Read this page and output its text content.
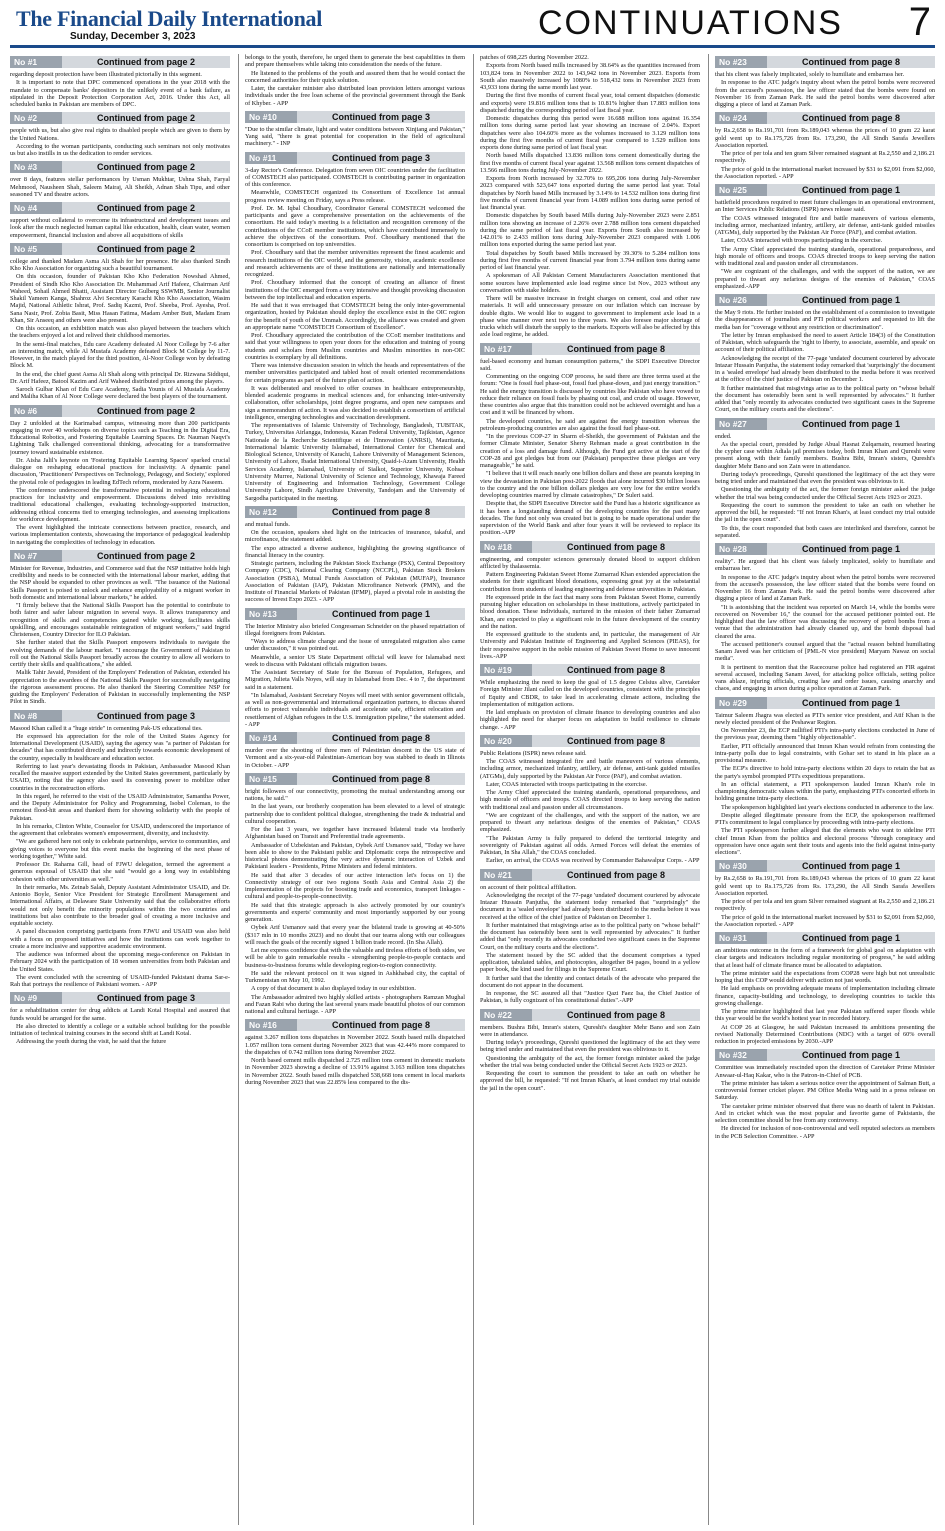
The Financial Daily International
Sunday, December 3, 2023	CONTINUATIONS 7
No #1	Continued from page 2

regarding deposit protection have been illustrated pictorially in this segment.

It is important to note that DPC commenced operations in the year 2018 with the mandate to compensate banks' depositors in the unlikely event of a bank failure, as stipulated in the Deposit Protection Corporation Act, 2016. Under this Act, all scheduled banks in Pakistan are members of DPC.

No #2	Continued from page 2

people with us, but also give real rights to disabled people which are given to them by the United Nations.

According to the woman participants, conducting such seminars not only motivates us but also instills in us the dedication to render services.

No #3	Continued from page 2

over 8 days, features stellar performances by Usman Mukhtar, Ushna Shah, Faryal Mehmood, Nausheen Shah, Saleem Mairaj, Ali Sheikh, Adnan Shah Tipu, and other seasoned TV and theatre actors.

No #4	Continued from page 2

support without collateral to overcome its infrastructural and development issues and look after the much neglected human capital like education, health, clean water, women empowerment, financial inclusion and above all acquisitions of skills

No #5	Continued from page 2

college and thanked Madam Asma Ali Shah for her presence. He also thanked Sindh Kho Kho Association for organizing such a beautiful tournament.

On this occasion, founder of Pakistan Kho Kho Federation Nowshad Ahmed, President of Sindh Kho Kho Association Dr. Muhammad Arif Hafeez, Chairman Arif Waheed, Sohail Ahmed Bhatti, Assistant Director Gulberg SSWMB, Senior Journalist Shakil Yameen Kanga, Shahroz Alvi Secretary Karachi Kho Kho Association, Wasim Majid, National Athletic Ishrat, Prof. Sadiq Kazmi, Prof. Sheeba, Prof. Ayesha, Prof. Sana Nasir, Prof. Zobia Basit, Miss Hasan Fatima, Madam Amber Butt, Madam Eram Khan, Sir Anseeq and others were also present.

On this occasion, an exhibition match was also played between the teachers which the teachers enjoyed a lot and relived their childhood memories.

In the semi-final matches, Edu care Academy defeated Al Noor College by 7-6 after an interesting match, while Al Mustafa Academy defeated Block M College by 11-7. However, in the match played for the third position, Al-Noor College won by defeating Block M.

In the end, the chief guest Asma Ali Shah along with principal Dr. Rizwana Siddiqui, Dr. Arif Hafeez, Batool Kazim and Arif Waheed distributed prizes among the players.

Saroch Gulbar Khan of Edu Care Academy, Sadia Younis of Al Mustafa Academy and Maliha Khan of Al Noor College were declared the best players of the tournament.

No #6	Continued from page 2

Day 2 unfolded at the Karimabad campus, witnessing more than 200 participants engaging in over 40 workshops on diverse topics such as Teaching in the Digital Era, Educational Robotics, and Fostering Equitable Learning Spaces. Dr. Nauman Naqvi's Lightning Talk challenged conventional thinking, advocating for a transformative journey toward sustainable existence.

Dr. Aisha Jalil's keynote on 'Fostering Equitable Learning Spaces' sparked crucial dialogue on reshaping educational practices for inclusivity. A dynamic panel discussion, 'Practitioners' Perspectives on Technology, Pedagogy, and Society,' explored the pivotal role of pedagogies in leading EdTech reform, moderated by Azra Naseem.

The conference underscored the transformative potential in reshaping educational practices for inclusivity and empowerment. Discussions delved into revisiting traditional educational challenges, evaluating technology-supported instruction, addressing ethical concerns tied to emerging technologies, and assessing implications for workforce development.

The event highlighted the intricate connections between practice, research, and various implementation contexts, showcasing the importance of pedagogical leadership in navigating the complexities of technology in education.

No #7	Continued from page 2

Minister for Revenue, Industries, and Commerce said that the NSP initiative holds high credibility and needs to be connected with the international labour market, adding that the NSP should be expanded to other provinces as well. "The issuance of the National Skills Passport is poised to unlock and enhance employability of a migrant worker in both domestic and international labour markets," he added.

"I firmly believe that the National Skills Passport has the potential to contribute to both fairer and safer labour migration in several ways. It allows transparency and recognition of skills and competencies gained while working, facilitates skills upskilling, and encourages sustainable reintegration of migrant workers," said Ingrid Christensen, Country Director for ILO Pakistan.

She further stated that the Skills Passport empowers individuals to navigate the evolving demands of the labour market. "I encourage the Government of Pakistan to roll out the National Skills Passport broadly across the country to allow all workers to certify their skills and qualifications," she added.

Malik Tahir Javaid, President of the Employers' Federation of Pakistan, extended his appreciation to the awardees of the National Skills Passport for successfully navigating the rigorous assessment process. He also thanked the Steering Committee NSP for guiding the Employers' Federation of Pakistan in successfully implementing the NSP Pilot in Sindh.

No #8	Continued from page 3

Masood Khan called it a "huge stride" in cementing Pak-US educational ties.

He expressed his appreciation for the role of the United States Agency for International Development (USAID), saying the agency was "a partner of Pakistan for decades" that has contributed directly and indirectly towards economic development of the country, especially in healthcare and education sector.

Referring to last year's devastating floods in Pakistan, Ambassador Masood Khan recalled the massive support extended by the United States government, particularly by USAID, noting that the agency also used its convening power to mobilize other countries in the reconstruction efforts.

In this regard, he referred to the visit of the USAID Administrator, Samantha Power, and the Deputy Administrator for Policy and Programming, Isobel Coleman, to the remotest flood-hit areas and thanked them for showing solidarity with the people of Pakistan.

In his remarks, Clinton White, Counselor for USAID, underscored the importance of the agreement that celebrates women's empowerment, diversity, and inclusivity.

"We are gathered here not only to celebrate partnerships, service to communities, and giving voices to everyone but this event marks the beginning of the next phase of working together," White said.

Professor Dr. Rahama Gill, head of FJWU delegation, termed the agreement a generous espousal of USAID that she said "would go a long way in establishing cohesion with other universities as well."

In their remarks, Ms. Zeinab Salah, Deputy Assistant Administrator USAID, and Dr. Antonio Boyle, Senior Vice President for Strategic Enrollment Management and International Affairs, at Delaware State University said that the collaborative efforts would not only benefit the minority populations within the two countries and institutions but also contribute to the broader goal of creating a more inclusive and equitable society.

A panel discussion comprising participants from FJWU and USAID was also held with a focus on proposed initiatives and how the institutions can work together to create a more inclusive and supportive academic environment.

The audience was informed about the upcoming mega-conference on Pakistan in February 2024 with the participation of 18 women universities from both Pakistan and the United States.

The event concluded with the screening of USAID-funded Pakistani drama Sar-e-Rah that portrays the resilience of Pakistani women. - APP

No #9	Continued from page 3

for a rehabilitation center for drug addicts at Landi Kotal Hospital and assured that funds would be arranged for the same.

He also directed to identify a college or a suitable school building for the possible initiation of technical training courses in the second shift at Landi Kotal.

Addressing the youth during the visit, he said that the future

belongs to the youth, therefore, he urged them to generate the best capabilities in them and prepare themselves while taking into consideration the needs of the future.

He listened to the problems of the youth and assured them that he would contact the concerned authorities for their quick solution.

Later, the caretaker minister also distributed loan provision letters amongst various individuals under the free loan scheme of the provincial government through the Bank of Khyber. - APP

No #10	Continued from page 3

"Due to the similar climate, light and water conditions between Xinjiang and Pakistan," Yang said, "there is great potential for cooperation in the field of agricultural machinery." - INP

No #11	Continued from page 3

3-day Rector's Conference. Delegation from seven OIC countries under the facilitation of COMSTECH also participated. COMSTECH is contributing partner in organization of this conference.

Meanwhile, COMSTECH organized its Consortium of Excellence 1st annual progress review meeting on Friday, says a Press release.

Prof. Dr. M. Iqbal Choudhary, Coordinator General COMSTECH welcomed the participants and gave a comprehensive presentation on the achievements of the consortium. He said today's meeting is a felicitation and recognition ceremony of the contributions of the CCoE member institutions, which have contributed immensely to achieve the objectives of the consortium. Prof. Choudhary mentioned that the consortium is comprised on top universities.

Prof. Choudhary said that the member universities represent the finest academic and research institutions of the OIC world, and the generosity, vision, academic excellence and research achievements are of these institutions are nationally and internationally recognized.

Prof. Choudhary informed that the concept of creating an alliance of finest institutions of the OIC emerged from a very intensive and thought provoking discussion between the top intellectual and education experts.

He said that it was envisaged that COMSTECH being the only inter-governmental organization, hosted by Pakistan should deploy the excellence exist in the OIC region for the benefit of youth of the Ummah. Accordingly, the alliance was created and given an appropriate name "COMSTECH Consortium of Excellence".

Prof. Choudhary appreciated the contribution of the CCoE member institutions and said that your willingness to open your doors for the education and training of young students and scholars from Muslim countries and Muslim minorities in non-OIC countries is exemplary by all definitions.

There was intensive discussion session in which the heads and representatives of the member universities participated and tabled host of result oriented recommendations for certain programs as part of the future plan of action.

It was deliberated and resolved to offer courses in healthcare entrepreneurship, blended academic programs in medical sciences and, for enhancing inter-university collaboration, offer scholarships, joint degree programs, and open new campuses and sign a memorandum of action. It was also decided to establish a consortium of artificial intelligence, emerging technologies and vaccination development.

The representatives of Islamic University of Technology, Bangladesh, TUBITAK, Turkey, Universitas Airlangga, Indonesia, Kazan Federal University, Tajikistan, Agence Nationale de la Recherche Scientifique et de l'Innovation (ANRSI), Mauritania, International Islamic University Islamabad, International Center for Chemical and Biological Science, University of Karachi, Lahore University of Management Sciences, University of Lahore, Ibadat International University, Quaid-i-Azam University, Health Services Academy, Islamabad, University of Sialkot, Superior University, Kohsar University Murree, National University of Science and Technology, Khawaja Fareed University of Engineering and Information Technology, Government College University Lahore, Sindh Agriculture University, Tandojam and the University of Sargodha participated in the meeting.

No #12	Continued from page 8

and mutual funds.

On the occasion, speakers shed light on the intricacies of insurance, takaful, and microfinance, the statement added.

The expo attracted a diverse audience, highlighting the growing significance of financial literacy in the country.

Strategic partners, including the Pakistan Stock Exchange (PSX), Central Depository Company (CDC), National Clearing Company (NCCPL), Pakistan Stock Brokers Association (PSBA), Mutual Funds Association of Pakistan (MUFAP), Insurance Association of Pakistan (IAP), Pakistan Microfinance Network (PMN), and the Institute of Financial Markets of Pakistan (IFMP), played a pivotal role in assisting the success of Invest Expo 2023. - APP

No #13	Continued from page 1

The Interior Ministry also briefed Congressman Schneider on the phased repatriation of illegal foreigners from Pakistan.

"Ways to address climate change and the issue of unregulated migration also came under discussion," it was pointed out.

Meanwhile, a senior US State Department official will leave for Islamabad next week to discuss with Pakistani officials migration issues.

The Assistant Secretary of State for the Bureau of Population, Refugees, and Migration, Julieta Valls Noyes, will stay in Islamabad from Dec. 4 to 7, the department said in a statement.

"In Islamabad, Assistant Secretary Noyes will meet with senior government officials, as well as non-governmental and international organization partners, to discuss shared efforts to protect vulnerable individuals and accelerate safe, efficient relocation and resettlement of Afghan refugees in the U.S. immigration pipeline," the statement added. - APP

No #14	Continued from page 8

murder over the shooting of three men of Palestinian descent in the US state of Vermont and a six-year-old Palestinian-American boy was stabbed to death in Illinois in October. - APP

No #15	Continued from page 8

bright followers of our connectivity, promoting the mutual understanding among our nations, he said."

In the last years, our brotherly cooperation has been elevated to a level of strategic partnership due to confident political dialogue, strengthening the trade & industrial and cultural cooperation.

For the last 3 years, we together have increased bilateral trade via brotherly Afghanistan based on Transit and Preferential trade agreements.

Ambassador of Uzbekistan and Pakistan, Oybek Arif Usmanov said, "Today we have been able to show to the Pakistani public and Diplomatic corps the retrospective and historical photos demonstrating the very active dynamic interaction of Uzbek and Pakistani leaders - Presidents, Prime Ministers and federal ministers.

He said that after 3 decades of our active interaction let's focus on 1) the Connectivity strategy of our two regions South Asia and Central Asia 2) the implementation of the projects for boosting trade and economics, transport linkages - cultural and people-to-people-connectivity.

He said that this strategic approach is also actively promoted by our country's governments and experts' community and most importantly supported by our young generation.

Oybek Arif Usmanov said that every year the bilateral trade is growing at 40-50% ($317 mln in 10 months 2023) and no doubt that our teams along with our colleagues will reach the goals of the recently signed 1 billion trade record. (In Sha Allah).

Let me express confidence that with the valuable and tireless efforts of both sides, we will be able to gain remarkable results - strengthening people-to-people contacts and business-to-business forums while developing region-to-region connectivity.

He said the relevant protocol on it was signed in Ashkhabad city, the capital of Turkmenistan on May 10, 1992.

A copy of that document is also displayed today in our exhibition.

The Ambassador admired two highly skilled artists - photographers Ramzan Mughal and Fazan Rabi who during the last several years made beautiful photos of our common national and cultural heritage. - APP

No #16	Continued from page 8

against 3.267 million tons dispatches in November 2022. South based mills dispatched 1.057 million tons cement during November 2023 that was 42.44% more compared to the dispatches of 0.742 million tons during November 2022.

North based cement mills dispatched 2.725 million tons cement in domestic markets in November 2023 showing a decline of 13.91% against 3.163 million tons dispatches in November 2022. South based mills dispatched 538,668 tons cement in local markets during November 2023 that was 22.85% less compared to the dis-

patches of 698,225 during November 2022.

Exports from North based mills increased by 38.64% as the quantities increased from 103,824 tons in November 2022 to 143,942 tons in November 2023. Exports from South also massively increased by 1080% to 518,432 tons in November 2023 from 43,933 tons during the same month last year.

During the first five months of current fiscal year, total cement dispatches (domestic and exports) were 19.816 million tons that is 10.81% higher than 17.883 million tons dispatched during the corresponding period of last fiscal year.

Domestic dispatches during this period were 16.688 million tons against 16.354 million tons during same period last year showing an increase of 2.04%. Export dispatches were also 104.60% more as the volumes increased to 3.129 million tons during the first five months of current fiscal year compared to 1.529 million tons exports done during same period of last fiscal year.

North based Mills dispatched 13.836 million tons cement domestically during the first five months of current fiscal year against 13.568 million tons cement dispatches of 13.566 million tons during July-November 2022.

Exports from North increased by 32.70% to 695,206 tons during July-November 2023 compared with 523,647 tons exported during the same period last year. Total dispatches by North based Mills increased by 3.14% to 14.532 million tons during first five months of current financial year from 14.089 million tons during same period of last financial year.

Domestic dispatches by South based Mills during July-November 2023 were 2.851 million tons showing an increase of 2.26% over 2.788 million tons cement dispatched during the same period of last fiscal year. Exports from South also increased by 142.01% to 2.433 million tons during July-November 2023 compared with 1.006 million tons exported during the same period last year.

Total dispatches by South based Mills increased by 39.30% to 5.284 million tons during first five months of current financial year from 3.794 million tons during same period of last financial year.

A spokesman of All Pakistan Cement Manufacturers Association mentioned that some sources have implemented axle load regime since 1st Nov., 2023 without any conversation with stake holders.

There will be massive increase in freight charges on cement, coal and other raw materials. It will add unnecessary pressure on our inflation which can increase by double digits. We would like to suggest to government to implement axle load in a phase wise manner over next two to three years. We also foresee major shortage of trucks which will disturb the supply to the markets. Exports will also be affected by this axle load regime, he added.

No #17	Continued from page 8

fuel-based economy and human consumption patterns," the SDPI Executive Director said.

Commenting on the ongoing COP process, he said there are three terms used at the forum: "One is fossil fuel phase-out, fossil fuel phase-down, and just energy transition." He said the energy transition is discussed by countries like Pakistan who have vowed to reduce their reliance on fossil fuels by phasing out coal, and crude oil usage. However, these countries also argue that this transition could not be achieved overnight and has a cost and it will be financed by whom.

The developed countries, he said are against the energy transition whereas the petroleum-producing countries are also against the fossil fuel phase-out.

"In the previous COP-27 in Sharm el-Sheikh, the government of Pakistan and the former Climate Minister, Senator Sherry Rehman made a great contribution in the creation of a loss and damage fund. Although, the Fund got active at the start of the COP-28 and got pledges but from our (Pakistan) perspective these pledges are very manageable," he said.

"I believe that it will reach nearly one billion dollars and these are peanuts keeping in view the devastation in Pakistan post-2022 floods that alone incurred $30 billion losses to the country and the one billion dollars pledges are very low for the entire world's developing countries marred by climate catastrophes," Dr Suleri said.

Despite that, the SDPI Executive Director said the Fund has a historic significance as it has been a longstanding demand of the developing countries for the past many decades. The fund not only was created but is going to be made operational under the supervision of the World Bank and after four years it will be reviewed to replace its position.-APP

No #18	Continued from page 8

engineering, and computer sciences generously donated blood to support children afflicted by thalassemia.

Pattern Engineering Pakistan Sweet Home Zumarrad Khan extended appreciation the students for their significant blood donations, expressing great joy at the substantial contribution from students of leading engineering and defense universities in Pakistan.

He expressed pride in the fact that many sons from Pakistan Sweet Home, currently pursuing higher education on scholarships in these institutions, actively participated in blood donation. These individuals, nurtured in the mission of their father Zumarrad Khan, are expected to play a significant role in the future development of the country and the nation.

He expressed gratitude to the students and, in particular, the management of Air University and Pakistan Institute of Engineering and Applied Sciences (PIEAS), for their responsive support in the noble mission of Pakistan Sweet Home to save innocent lives.-APP

No #19	Continued from page 8

While emphasizing the need to keep the goal of 1.5 degree Celsius alive, Caretaker Foreign Minister Jilani called on the developed countries, consistent with the principles of Equity and CBDR, to take lead in accelerating climate actions, including the implementation of mitigation actions.

He laid emphasis on provision of climate finance to developing countries and also highlighted the need for sharper focus on adaptation to build resilience to climate change. - APP

No #20	Continued from page 8

Public Relations (ISPR) news release said.

The COAS witnessed integrated fire and battle maneuvers of various elements, including armor, mechanized infantry, artillery, air defense, anti-tank guided missiles (ATGMs), duly supported by the Pakistan Air Force (PAF), and combat aviation.

Later, COAS interacted with troops participating in the exercise.

The Army Chief appreciated the training standards, operational preparedness, and high morale of officers and troops. COAS directed troops to keep serving the nation with traditional zeal and passion under all circumstances.

"We are cognizant of the challenges, and with the support of the nation, we are prepared to thwart any nefarious designs of the enemies of Pakistan," COAS emphasized.

"The Pakistan Army is fully prepared to defend the territorial integrity and sovereignty of Pakistan against all odds. Armed Forces will defeat the enemies of Pakistan, In Sha Allah," the COAS concluded.

Earlier, on arrival, the COAS was received by Commander Bahawalpur Corps. - APP

No #21	Continued from page 8

on account of their political affiliation.

Acknowledging the receipt of the 77-page 'undated' document couriered by advocate Intazar Hussain Panjutha, the statement today remarked that "surprisingly" the document in a 'sealed envelope' had already been distributed to the media before it was received at the office of the chief justice of Pakistan on December 1.

It further maintained that misgivings arise as to the political party on "whose behalf" the document has ostensibly been sent is well represented by advocates." It further added that "only recently its advocates conducted two significant cases in the Supreme Court, on the military courts and the elections".

The statement issued by the SC added that the document comprises a typed application, tabulated tables, and photocopies, altogether 84 pages, bound in a yellow paper book, the kind used for filings in the Supreme Court.

It further said that the identity and contact details of the advocate who prepared the document do not appear in the document.

In response, the SC assured all that "Justice Qazi Faez Isa, the Chief Justice of Pakistan, is fully cognizant of his constitutional duties".-APP

No #22	Continued from page 8

members. Bushra Bibi, Imran's sisters, Qureshi's daughter Mehr Bano and son Zain were in attendance.

During today's proceedings, Qureshi questioned the legitimacy of the act they were being tried under and maintained that even the president was oblivious to it.

Questioning the ambiguity of the act, the former foreign minister asked the judge whether the trial was being conducted under the Official Secret Acts 1923 or 2023.

Requesting the court to summon the president to take an oath on whether he approved the bill, he requested: "If not Imran Khan's, at least conduct my trial outside the jail in the open court".

No #23	Continued from page 8

that his client was falsely implicated, solely to humiliate and embarrass her.

In response to the ATC judge's inquiry about when the petrol bombs were recovered from the accused's possession, the law officer stated that the bombs were found on November 16 from Zaman Park. He said the petrol bombs were discovered after digging a piece of land at Zaman Park.

No #24	Continued from page 8

by Rs.2,658 to Rs.191,701 from Rs.189,043 whereas the prices of 10 gram 22 karat gold went up to Rs.175,726 from Rs. 173,290, the All Sindh Sarafa Jewellers Association reported.

The price of per tola and ten gram Silver remained stagnant at Rs.2,550 and 2,186.21 respectively.

The price of gold in the international market increased by $31 to $2,091 from $2,060, the Association reported. - APP

No #25	Continued from page 1

battlefield procedures required to meet future challenges in an operational environment, an Inter Services Public Relations (ISPR) news release said.

The COAS witnessed integrated fire and battle maneuvers of various elements, including armor, mechanized infantry, artillery, air defense, anti-tank guided missiles (ATGMs), duly supported by the Pakistan Air Force (PAF), and combat aviation.

Later, COAS interacted with troops participating in the exercise.

The Army Chief appreciated the training standards, operational preparedness, and high morale of officers and troops. COAS directed troops to keep serving the nation with traditional zeal and passion under all circumstances.

"We are cognizant of the challenges, and with the support of the nation, we are prepared to thwart any nefarious designs of the enemies of Pakistan," COAS emphasized.-APP

No #26	Continued from page 1

the May 9 riots. He further insisted on the establishment of a commission to investigate the disappearances of journalists and PTI political workers and requested to lift the media ban for "coverage without any restriction or discrimination".

The letter by Imran emphasised the need to assert Article 184(3) of the Constitution of Pakistan, which safeguards the 'right to liberty, to associate, assemble, and speak' on account of their political affiliation.

Acknowledging the receipt of the 77-page 'undated' document couriered by advocate Intazar Hussain Panjutha, the statement today remarked that 'surprisingly' the document in a 'sealed envelope' had already been distributed to the media before it was received at the office of the chief justice of Pakistan on December 1.

It further maintained that misgivings arise as to the political party on "whose behalf the document has ostensibly been sent is well represented by advocates." It further added that "only recently its advocates conducted two significant cases in the Supreme Court, on the military courts and the elections".

No #27	Continued from page 1

ended.

As the special court, presided by Judge Abual Hasnat Zulqarnain, resumed hearing the cypher case within Adiala jail premises today, both Imran Khan and Qureshi were present along with their family members. Bushra Bibi, Imran's sisters, Qureshi's daughter Mehr Bano and son Zain were in attendance.

During today's proceedings, Qureshi questioned the legitimacy of the act they were being tried under and maintained that even the president was oblivious to it.

Questioning the ambiguity of the act, the former foreign minister asked the judge whether the trial was being conducted under the Official Secret Acts 1923 or 2023.

Requesting the court to summon the president to take an oath on whether he approved the bill, he requested: "If not Imran Khan's, at least conduct my trial outside the jail in the open court".

To this, the court responded that both cases are interlinked and therefore, cannot be separated.

No #28	Continued from page 1

reality". He argued that his client was falsely implicated, solely to humiliate and embarrass her.

In response to the ATC judge's inquiry about when the petrol bombs were recovered from the accused's possession, the law officer stated that the bombs were found on November 16 from Zaman Park. He said the petrol bombs were discovered after digging a piece of land at Zaman Park.

"It is astonishing that the incident was reported on March 14, while the bombs were recovered on November 16," the counsel for the accused petitioner pointed out. He highlighted that the law officer was discussing the recovery of petrol bombs from a venue that the administration had already cleaned up, and the bomb disposal had cleared the area.

The accused petitioner's counsel argued that the "actual reason behind humiliating Sanam Javed was her criticism of [PML-N vice president] Maryam Nawaz on social media".

It is pertinent to mention that the Racecourse police had registered an FIR against several accused, including Sanam Javed, for attacking police officials, setting police vans ablaze, injuring officials, creating law and order issues, causing anarchy and chaos, and engaging in arson during a police operation at Zaman Park.

No #29	Continued from page 1

Taimur Saleem Jhagra was elected as PTI's senior vice president, and Atif Khan is the newly elected president of the Peshawar Region.

On November 23, the ECP nullified PTI's intra-party elections conducted in June of the previous year, deeming them "highly objectionable".

Earlier, PTI officially announced that Imran Khan would refrain from contesting the intra-party polls due to legal constraints, with Gohar set to stand in his place as a provisional measure.

The ECP's directive to hold intra-party elections within 20 days to retain the bat as the party's symbol prompted PTI's expeditious preparations.

In an official statement, a PTI spokesperson lauded Imran Khan's role in championing democratic values within the party, emphasizing PTI's concerted efforts in holding genuine intra-party elections.

The spokesperson highlighted last year's elections conducted in adherence to the law.

Despite alleged illegitimate pressure from the ECP, the spokesperson reaffirmed PTI's commitment to legal compliance by proceeding with intra-party elections.

The PTI spokesperson further alleged that the elements who want to sideline PTI chief Imran Khan from the politics and electoral process "through conspiracy and oppression have once again sent their touts and agents into the field against intra-party elections".

No #30	Continued from page 1

by Rs.2,658 to Rs.191,701 from Rs.189,043 whereas the prices of 10 gram 22 karat gold went up to Rs.175,726 from Rs. 173,290, the All Sindh Sarafa Jewellers Association reported.

The price of per tola and ten gram Silver remained stagnant at Rs.2,550 and 2,186.21 respectively.

The price of gold in the international market increased by $31 to $2,091 from $2,060, the Association reported. - APP

No #31	Continued from page 1

an ambitious outcome in the form of a framework for global goal on adaptation with clear targets and indicators including regular monitoring of progress," he said adding that at least half of climate finance must be allocated to adaptation.

The prime minister said the expectations from COP28 were high but not unrealistic hoping that this COP would deliver with action not just words.

He laid emphasis on providing adequate means of implementation including climate finance, capacity-building and technology, to developing countries to tackle this growing challenge.

The prime minister highlighted that last year Pakistan suffered super floods while this year would be the world's hottest year in recorded history.

At COP 26 at Glasgow, he said Pakistan increased its ambitions presenting the revised Nationally Determined Contributions (NDC) with a target of 60% overall reduction in projected emissions by 2030.-APP

No #32	Continued from page 1

Committee was immediately rescinded upon the direction of Caretaker Prime Minister Anwaar-ul-Haq Kakar, who is the Patron-in-Chief of PCB.

The prime minister has taken a serious notice over the appointment of Salman Butt, a controversial former cricket player. PM Office Media Wing said in a press release on Saturday.

The caretaker prime minister observed that there was no dearth of talent in Pakistan. And in cricket which was the most popular and favorite game of Pakistanis, the selection committee should be free from any controversy.

He directed for inclusion of non-controversial and well reputed selectors as members in the PCB Selection Committee. - APP
